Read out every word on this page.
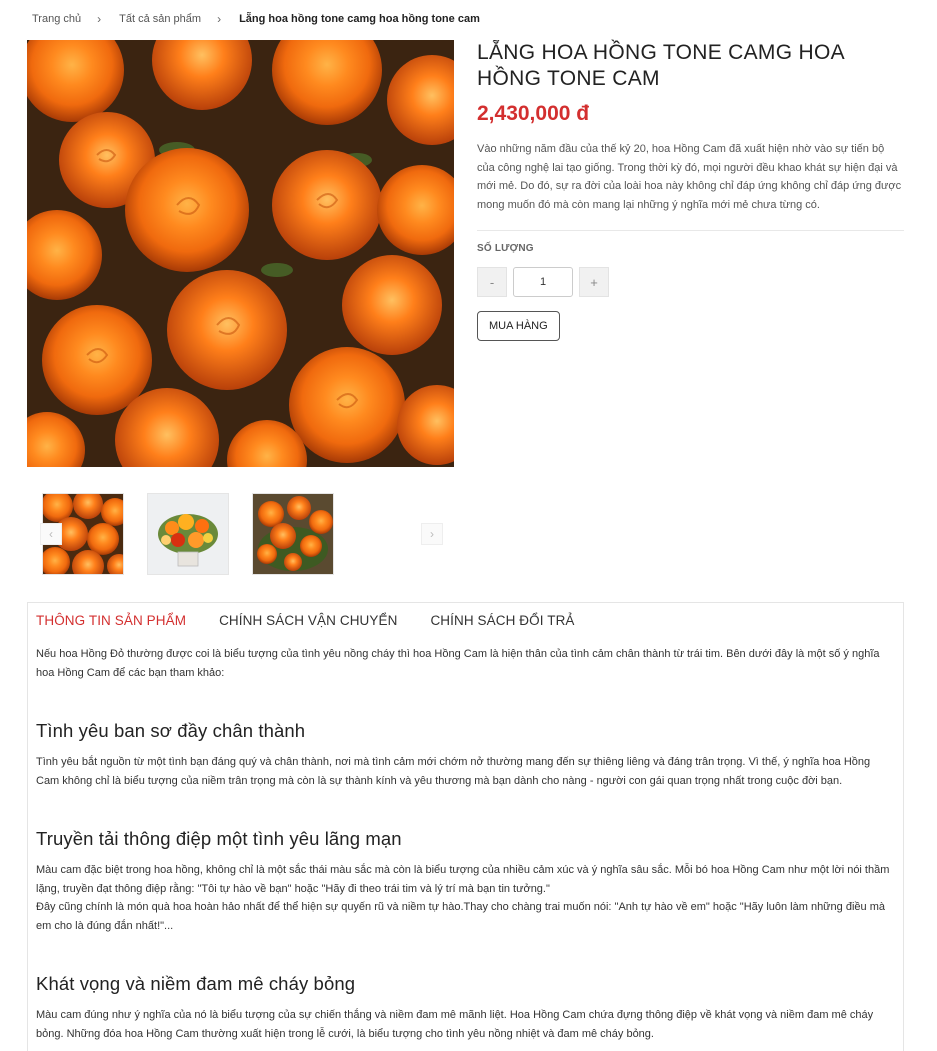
Trang chủ › Tất cả sản phẩm › Lẵng hoa hồng tone camg hoa hồng tone cam
‹	›
LẴNG HOA HỒNG TONE CAMG HOA HỒNG TONE CAM
2,430,000 đ

Vào những năm đầu của thế kỷ 20, hoa Hồng Cam đã xuất hiện nhờ vào sự tiến bộ của công nghệ lai tạo giống. Trong thời kỳ đó, mọi người đều khao khát sự hiện đại và mới mẻ. Do đó, sự ra đời của loài hoa này không chỉ đáp ứng không chỉ đáp ứng được mong muốn đó mà còn mang lại những ý nghĩa mới mẻ chưa từng có.

SỐ LƯỢNG
-
1	+
MUA HÀNG
THÔNG TIN SẢN PHẨM CHÍNH SÁCH VẬN CHUYỂN CHÍNH SÁCH ĐỔI TRẢ

Nếu hoa Hồng Đỏ thường được coi là biểu tượng của tình yêu nồng cháy thì hoa Hồng Cam là hiện thân của tình cảm chân thành từ trái tim. Bên dưới đây là một số ý nghĩa hoa Hồng Cam để các bạn tham khảo:

Tình yêu ban sơ đầy chân thành

Tình yêu bắt nguồn từ một tình bạn đáng quý và chân thành, nơi mà tình cảm mới chớm nở thường mang đến sự thiêng liêng và đáng trân trọng. Vì thế, ý nghĩa hoa Hồng Cam không chỉ là biểu tượng của niềm trân trọng mà còn là sự thành kính và yêu thương mà bạn dành cho nàng - người con gái quan trọng nhất trong cuộc đời bạn.

Truyền tải thông điệp một tình yêu lãng mạn

Màu cam đặc biệt trong hoa hồng, không chỉ là một sắc thái màu sắc mà còn là biểu tượng của nhiều cảm xúc và ý nghĩa sâu sắc. Mỗi bó hoa Hồng Cam như một lời nói thầm lặng, truyền đạt thông điệp rằng: "Tôi tự hào về bạn" hoặc "Hãy đi theo trái tim và lý trí mà bạn tin tưởng."

Đây cũng chính là món quà hoa hoàn hảo nhất để thể hiện sự quyến rũ và niềm tự hào.Thay cho chàng trai muốn nói: "Anh tự hào về em" hoặc "Hãy luôn làm những điều mà em cho là đúng đắn nhất!"...

Khát vọng và niềm đam mê cháy bỏng

Màu cam đúng như ý nghĩa của nó là biểu tượng của sự chiến thắng và niềm đam mê mãnh liệt. Hoa Hồng Cam chứa đựng thông điệp về khát vọng và niềm đam mê cháy bỏng. Những đóa hoa Hồng Cam thường xuất hiện trong lễ cưới, là biểu tượng cho tình yêu nồng nhiệt và đam mê cháy bỏng.
